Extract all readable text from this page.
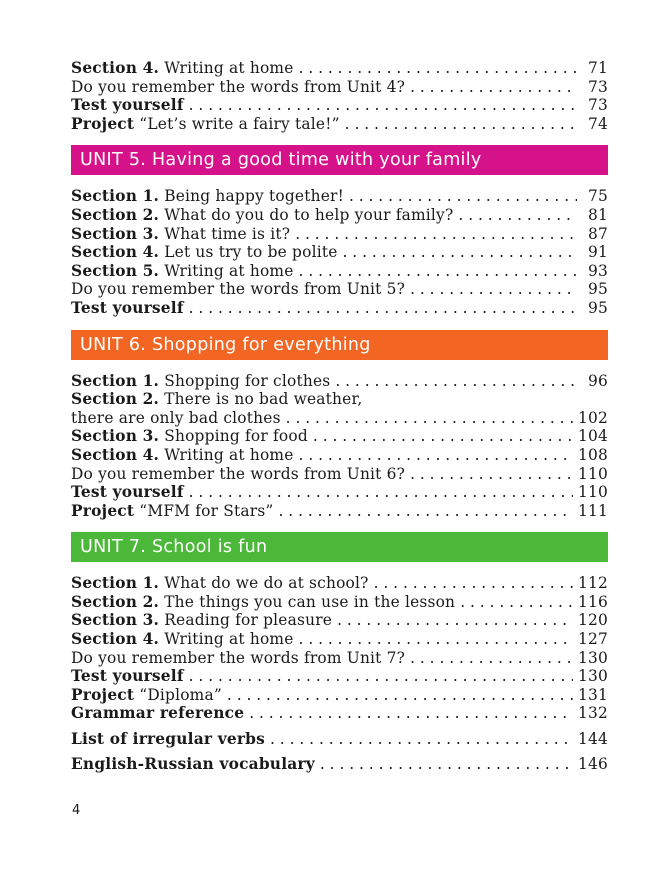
Section 4. Writing at home . . .	71
Do you remember the words from Unit 4? . . .	73
Test yourself . . .	73
Project “Let’s write a fairy tale!” . . .	74
UNIT 5. Having a good time with your family
Section 1. Being happy together! . . .	75
Section 2. What do you do to help your family? . . .	81
Section 3. What time is it? . . .	87
Section 4. Let us try to be polite . . .	91
Section 5. Writing at home . . .	93
Do you remember the words from Unit 5? . . .	95
Test yourself . . .	95
UNIT 6. Shopping for everything
Section 1. Shopping for clothes . . .	96
Section 2. There is no bad weather,
there are only bad clothes . . .	102
Section 3. Shopping for food . . .	104
Section 4. Writing at home . . .	108
Do you remember the words from Unit 6? . . .	110
Test yourself . . .	110
Project “MFM for Stars” . . .	111
UNIT 7. School is fun
Section 1. What do we do at school? . . .	112
Section 2. The things you can use in the lesson . . .	116
Section 3. Reading for pleasure . . .	120
Section 4. Writing at home . . .	127
Do you remember the words from Unit 7? . . .	130
Test yourself . . .	130
Project “Diploma” . . .	131
Grammar reference . . .	132
List of irregular verbs . . .	144
English-Russian vocabulary . . .	146
4
